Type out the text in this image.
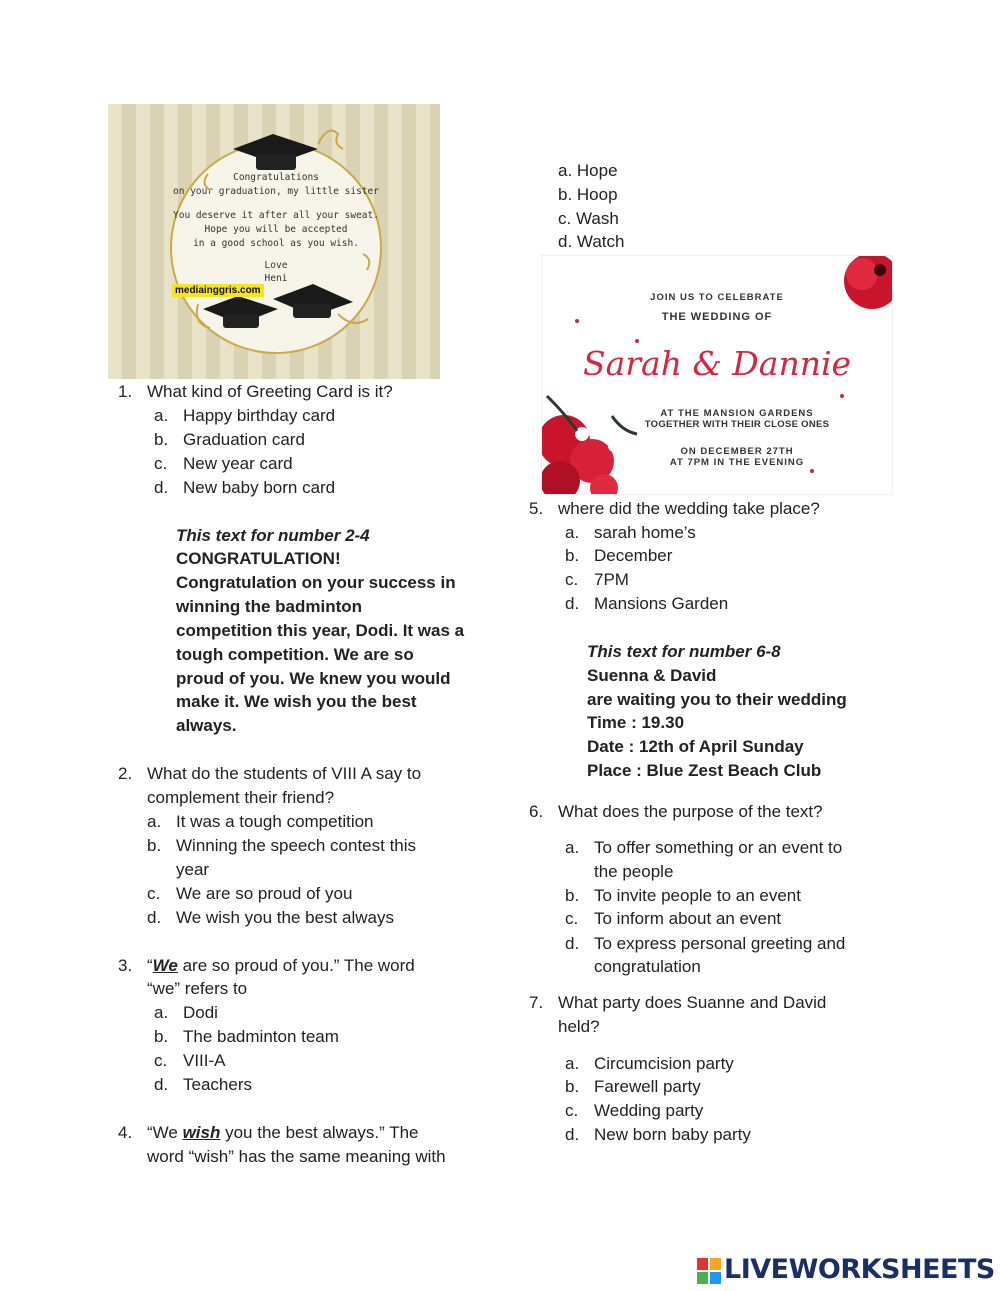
Congratulations
on your graduation, my little sister
You deserve it after all your sweat.
Hope you will be accepted
in a good school as you wish.
Love
Heni
mediainggris.com
1. What kind of Greeting Card is it?
a. Happy birthday card
b. Graduation card
c. New year card
d. New baby born card
This text for number 2-4
CONGRATULATION!
Congratulation on your success in
winning the badminton
competition this year, Dodi. It was a
tough competition. We are so
proud of you. We knew you would
make it. We wish you the best
always.
2. What do the students of VIII A say to
complement their friend?
a. It was a tough competition
b. Winning the speech contest this
year
c. We are so proud of you
d. We wish you the best always
3. “We are so proud of you.” The word
“we” refers to
a. Dodi
b. The badminton team
c. VIII-A
d. Teachers
4. “We wish you the best always.” The
word “wish” has the same meaning with
a. Hope
b. Hoop
c. Wash
d. Watch
JOIN US TO CELEBRATE
THE WEDDING OF
Sarah & Dannie
AT THE MANSION GARDENS
TOGETHER WITH THEIR CLOSE ONES
ON DECEMBER 27TH
AT 7PM IN THE EVENING
5. where did the wedding take place?
a. sarah home’s
b. December
c. 7PM
d. Mansions Garden
This text for number 6-8
Suenna & David
are waiting you to their wedding
Time : 19.30
Date : 12th of April Sunday
Place : Blue Zest Beach Club
6. What does the purpose of the text?
a. To offer something or an event to
the people
b. To invite people to an event
c. To inform about an event
d. To express personal greeting and
congratulation
7. What party does Suanne and David
held?
a. Circumcision party
b. Farewell party
c. Wedding party
d. New born baby party
LIVEWORKSHEETS
